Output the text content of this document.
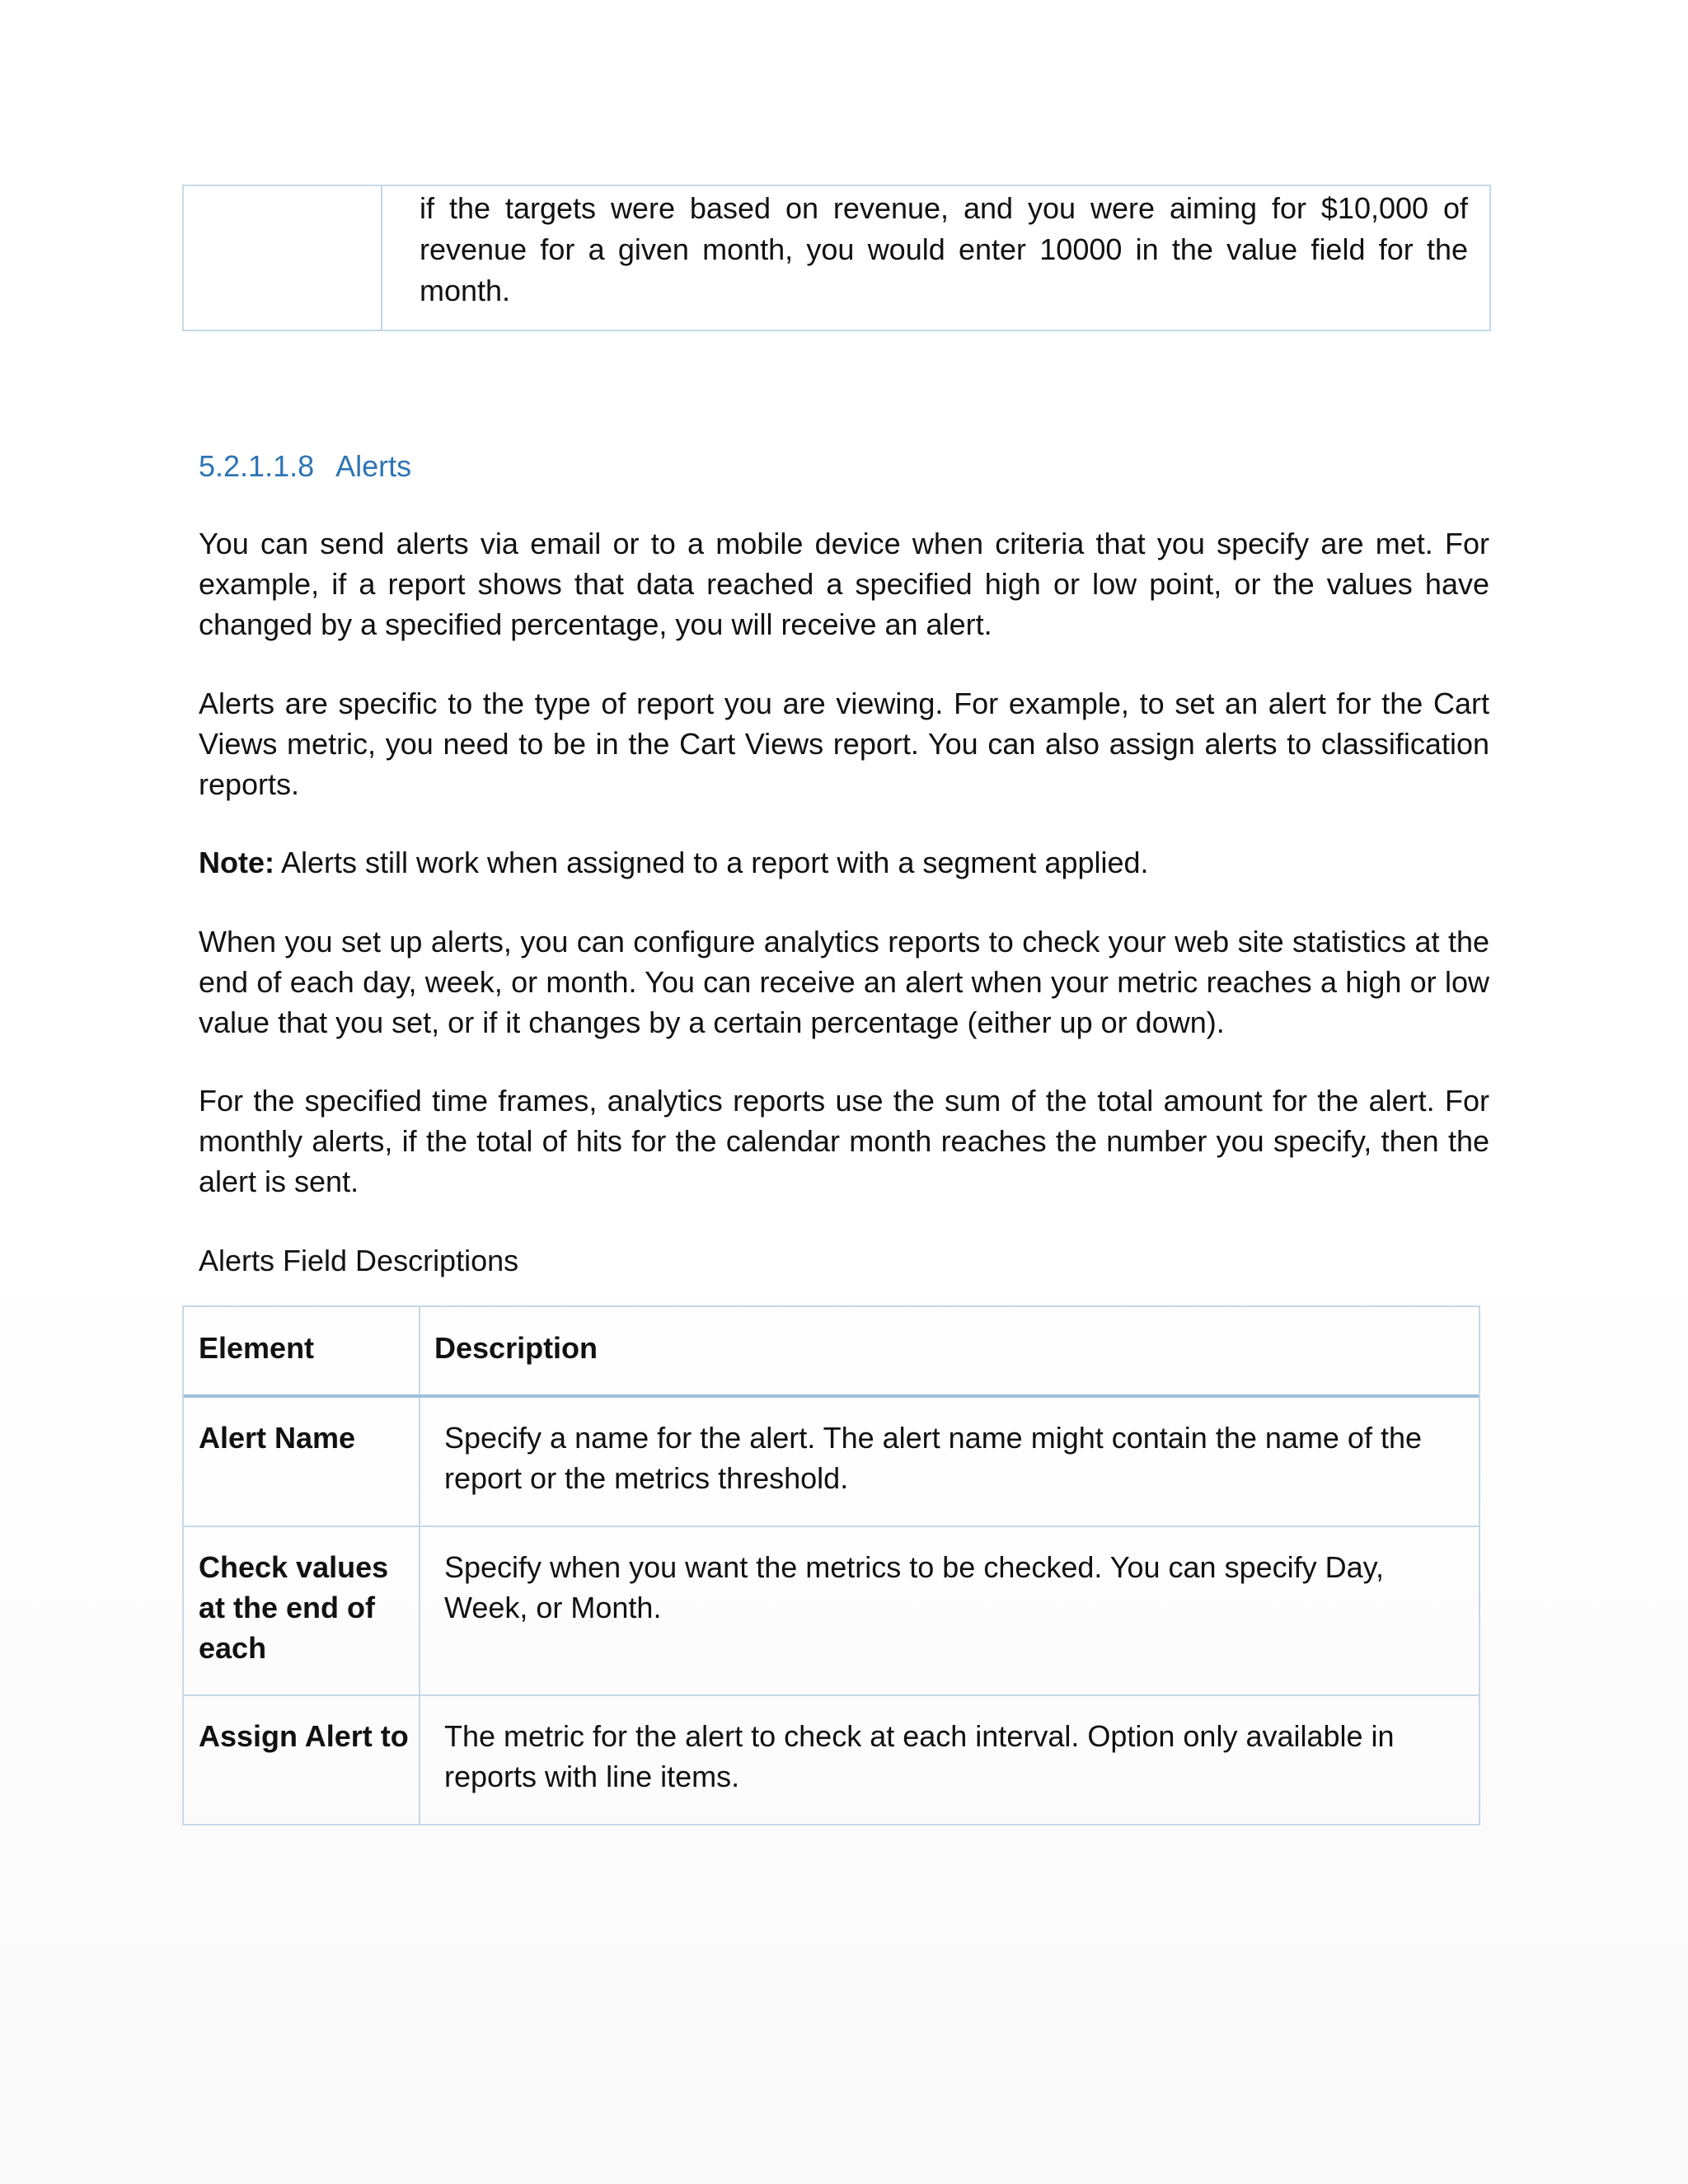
if the targets were based on revenue, and you were aiming for $10,000 of revenue for a given month, you would enter 10000 in the value field for the month.
5.2.1.1.8 Alerts
You can send alerts via email or to a mobile device when criteria that you specify are met. For example, if a report shows that data reached a specified high or low point, or the values have changed by a specified percentage, you will receive an alert.
Alerts are specific to the type of report you are viewing. For example, to set an alert for the Cart Views metric, you need to be in the Cart Views report. You can also assign alerts to classification reports.
Note: Alerts still work when assigned to a report with a segment applied.
When you set up alerts, you can configure analytics reports to check your web site statistics at the end of each day, week, or month. You can receive an alert when your metric reaches a high or low value that you set, or if it changes by a certain percentage (either up or down).
For the specified time frames, analytics reports use the sum of the total amount for the alert. For monthly alerts, if the total of hits for the calendar month reaches the number you specify, then the alert is sent.
Alerts Field Descriptions
Element	Description
Alert Name	Specify a name for the alert. The alert name might contain the name of the report or the metrics threshold.
Check values at the end of each
Specify when you want the metrics to be checked. You can specify Day, Week, or Month.
Assign Alert to The metric for the alert to check at each interval. Option only available in reports with line items.
